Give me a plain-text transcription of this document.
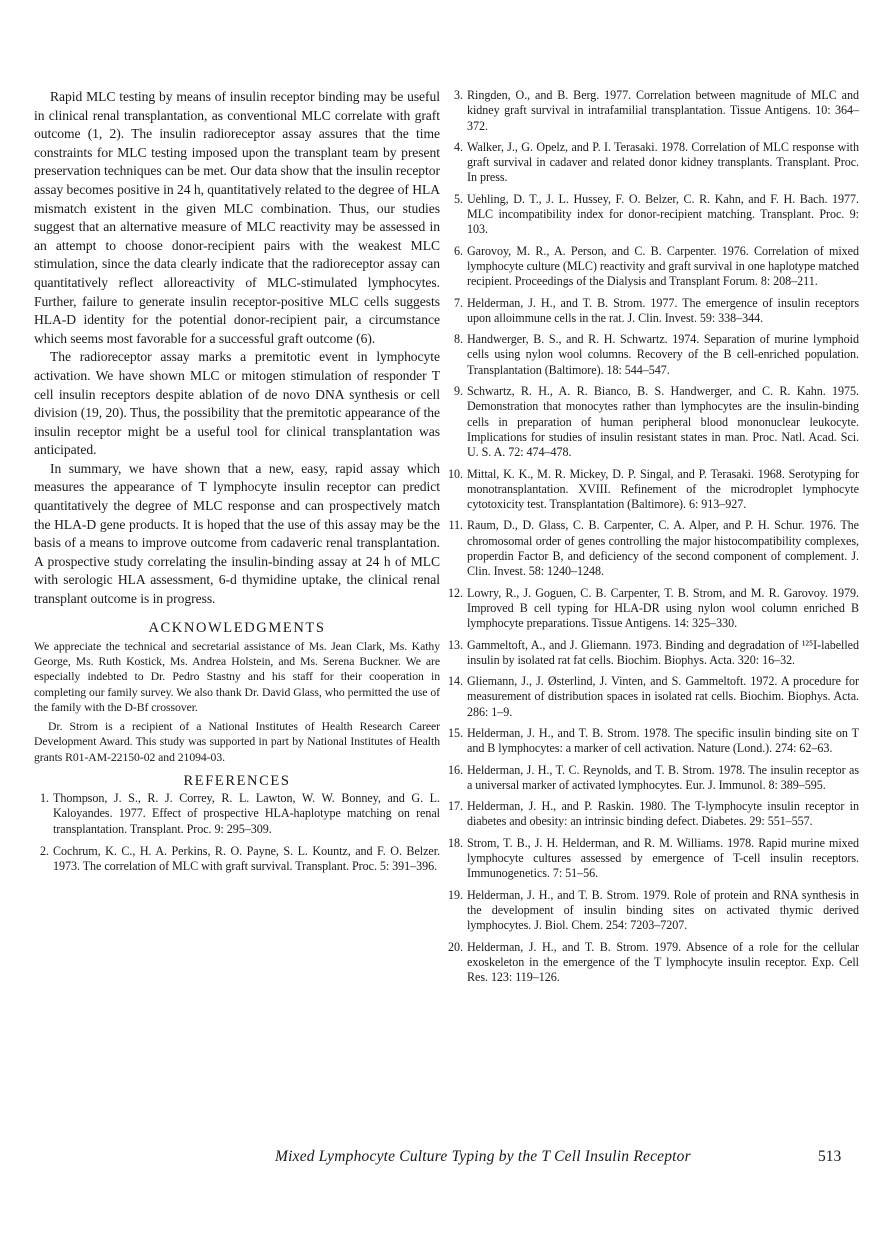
Rapid MLC testing by means of insulin receptor binding may be useful in clinical renal transplantation, as conventional MLC correlate with graft outcome (1, 2). The insulin radioreceptor assay assures that the time constraints for MLC testing imposed upon the transplant team by present preservation techniques can be met. Our data show that the insulin receptor assay becomes positive in 24 h, quantitatively related to the degree of HLA mismatch existent in the given MLC combination. Thus, our studies suggest that an alternative measure of MLC reactivity may be assessed in an attempt to choose donor-recipient pairs with the weakest MLC stimulation, since the data clearly indicate that the radioreceptor assay can quantitatively reflect alloreactivity of MLC-stimulated lymphocytes. Further, failure to generate insulin receptor-positive MLC cells suggests HLA-D identity for the potential donor-recipient pair, a circumstance which seems most favorable for a successful graft outcome (6).

The radioreceptor assay marks a premitotic event in lymphocyte activation. We have shown MLC or mitogen stimulation of responder T cell insulin receptors despite ablation of de novo DNA synthesis or cell division (19, 20). Thus, the possibility that the premitotic appearance of the insulin receptor might be a useful tool for clinical transplantation was anticipated.

In summary, we have shown that a new, easy, rapid assay which measures the appearance of T lymphocyte insulin receptor can predict quantitatively the degree of MLC response and can prospectively match the HLA-D gene products. It is hoped that the use of this assay may be the basis of a means to improve outcome from cadaveric renal transplantation. A prospective study correlating the insulin-binding assay at 24 h of MLC with serologic HLA assessment, 6-d thymidine uptake, the clinical renal transplant outcome is in progress.

ACKNOWLEDGMENTS

We appreciate the technical and secretarial assistance of Ms. Jean Clark, Ms. Kathy George, Ms. Ruth Kostick, Ms. Andrea Holstein, and Ms. Serena Buckner. We are especially indebted to Dr. Pedro Stastny and his staff for their cooperation in completing our family survey. We also thank Dr. David Glass, who permitted the use of the family with the D-Bf crossover.

Dr. Strom is a recipient of a National Institutes of Health Research Career Development Award. This study was supported in part by National Institutes of Health grants R01-AM-22150-02 and 21094-03.

REFERENCES
1. Thompson, J. S., R. J. Correy, R. L. Lawton, W. W. Bonney, and G. L. Kaloyandes. 1977. Effect of prospective HLA-haplotype matching on renal transplantation. Transplant. Proc. 9: 295–309.
2. Cochrum, K. C., H. A. Perkins, R. O. Payne, S. L. Kountz, and F. O. Belzer. 1973. The correlation of MLC with graft survival. Transplant. Proc. 5: 391–396.
3. Ringden, O., and B. Berg. 1977. Correlation between magnitude of MLC and kidney graft survival in intrafamilial transplantation. Tissue Antigens. 10: 364–372.
4. Walker, J., G. Opelz, and P. I. Terasaki. 1978. Correlation of MLC response with graft survival in cadaver and related donor kidney transplants. Transplant. Proc. In press.
5. Uehling, D. T., J. L. Hussey, F. O. Belzer, C. R. Kahn, and F. H. Bach. 1977. MLC incompatibility index for donor-recipient matching. Transplant. Proc. 9: 103.
6. Garovoy, M. R., A. Person, and C. B. Carpenter. 1976. Correlation of mixed lymphocyte culture (MLC) reactivity and graft survival in one haplotype matched recipient. Proceedings of the Dialysis and Transplant Forum. 8: 208–211.
7. Helderman, J. H., and T. B. Strom. 1977. The emergence of insulin receptors upon alloimmune cells in the rat. J. Clin. Invest. 59: 338–344.
8. Handwerger, B. S., and R. H. Schwartz. 1974. Separation of murine lymphoid cells using nylon wool columns. Recovery of the B cell-enriched population. Transplantation (Baltimore). 18: 544–547.
9. Schwartz, R. H., A. R. Bianco, B. S. Handwerger, and C. R. Kahn. 1975. Demonstration that monocytes rather than lymphocytes are the insulin-binding cells in preparation of human peripheral blood mononuclear leukocyte. Implications for studies of insulin resistant states in man. Proc. Natl. Acad. Sci. U. S. A. 72: 474–478.
10. Mittal, K. K., M. R. Mickey, D. P. Singal, and P. Terasaki. 1968. Serotyping for monotransplantation. XVIII. Refinement of the microdroplet lymphocyte cytotoxicity test. Transplantation (Baltimore). 6: 913–927.
11. Raum, D., D. Glass, C. B. Carpenter, C. A. Alper, and P. H. Schur. 1976. The chromosomal order of genes controlling the major histocompatibility complexes, properdin Factor B, and deficiency of the second component of complement. J. Clin. Invest. 58: 1240–1248.
12. Lowry, R., J. Goguen, C. B. Carpenter, T. B. Strom, and M. R. Garovoy. 1979. Improved B cell typing for HLA-DR using nylon wool column enriched B lymphocyte preparations. Tissue Antigens. 14: 325–330.
13. Gammeltoft, A., and J. Gliemann. 1973. Binding and degradation of ¹²⁵I-labelled insulin by isolated rat fat cells. Biochim. Biophys. Acta. 320: 16–32.
14. Gliemann, J., J. Østerlind, J. Vinten, and S. Gammeltoft. 1972. A procedure for measurement of distribution spaces in isolated rat cells. Biochim. Biophys. Acta. 286: 1–9.
15. Helderman, J. H., and T. B. Strom. 1978. The specific insulin binding site on T and B lymphocytes: a marker of cell activation. Nature (Lond.). 274: 62–63.
16. Helderman, J. H., T. C. Reynolds, and T. B. Strom. 1978. The insulin receptor as a universal marker of activated lymphocytes. Eur. J. Immunol. 8: 389–595.
17. Helderman, J. H., and P. Raskin. 1980. The T-lymphocyte insulin receptor in diabetes and obesity: an intrinsic binding defect. Diabetes. 29: 551–557.
18. Strom, T. B., J. H. Helderman, and R. M. Williams. 1978. Rapid murine mixed lymphocyte cultures assessed by emergence of T-cell insulin receptors. Immunogenetics. 7: 51–56.
19. Helderman, J. H., and T. B. Strom. 1979. Role of protein and RNA synthesis in the development of insulin binding sites on activated thymic derived lymphocytes. J. Biol. Chem. 254: 7203–7207.
20. Helderman, J. H., and T. B. Strom. 1979. Absence of a role for the cellular exoskeleton in the emergence of the T lymphocyte insulin receptor. Exp. Cell Res. 123: 119–126.
Mixed Lymphocyte Culture Typing by the T Cell Insulin Receptor	513
